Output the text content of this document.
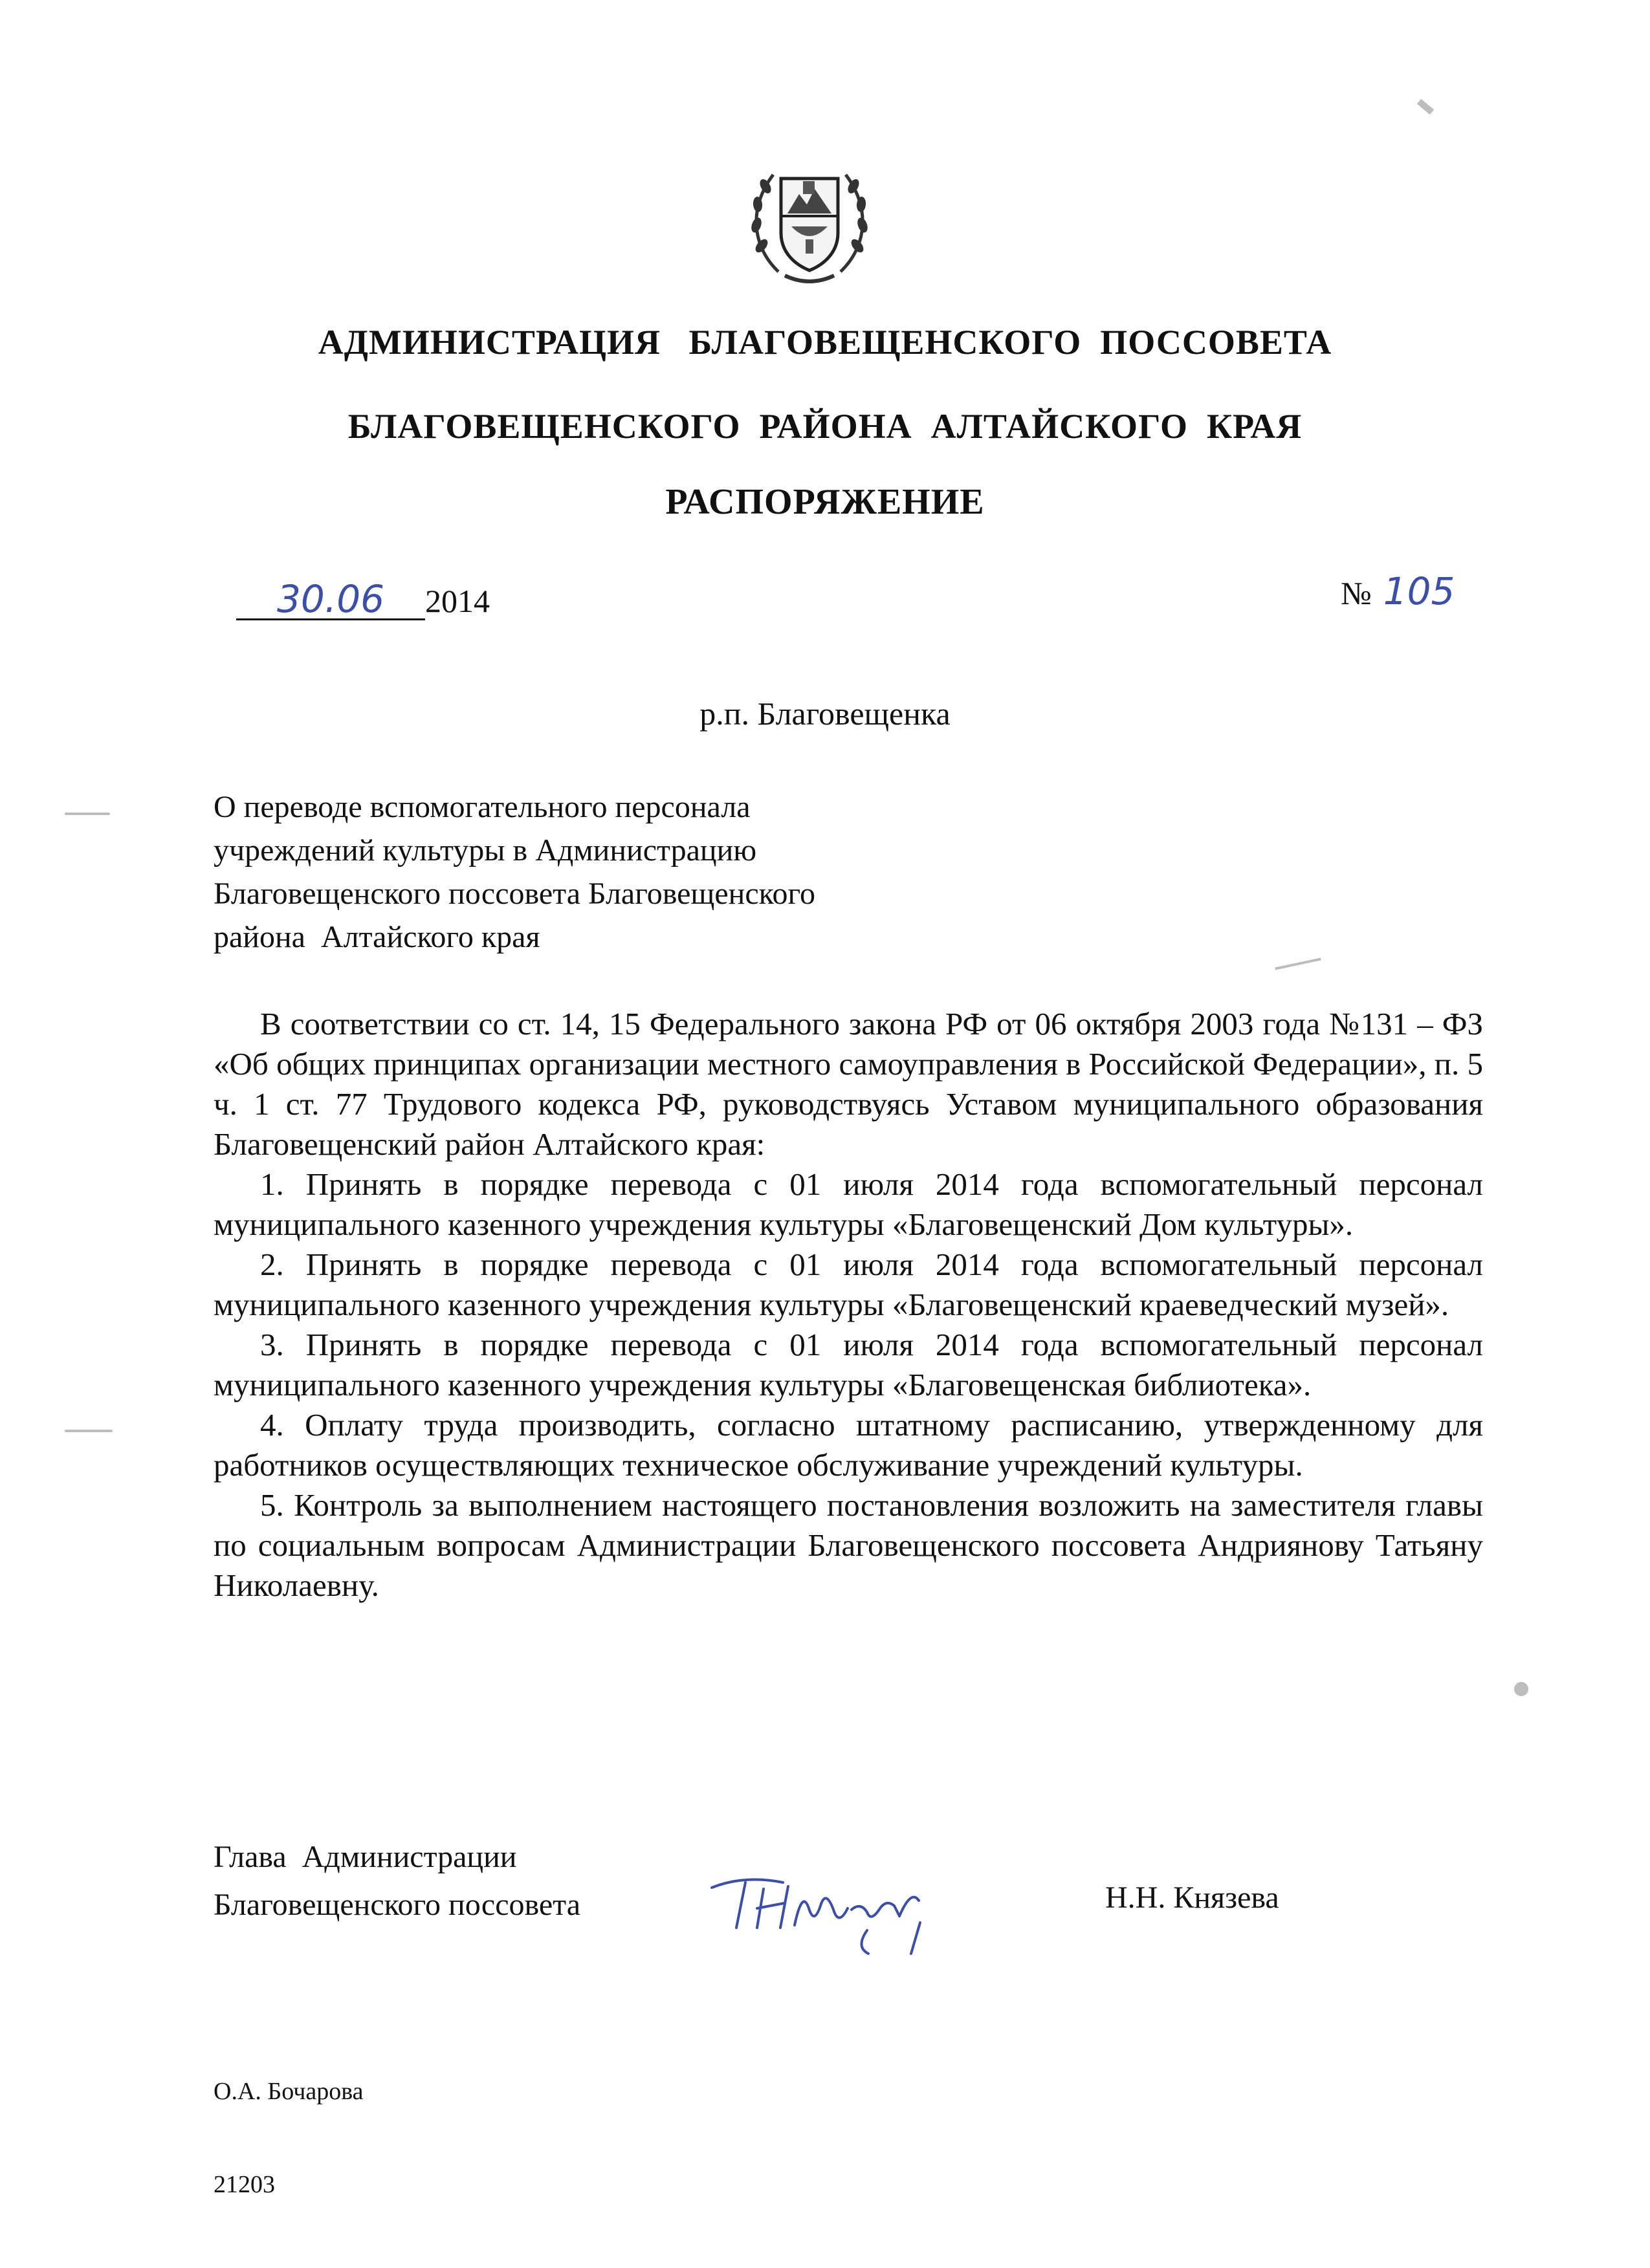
АДМИНИСТРАЦИЯ   БЛАГОВЕЩЕНСКОГО  ПОССОВЕТА
БЛАГОВЕЩЕНСКОГО  РАЙОНА  АЛТАЙСКОГО  КРАЯ
РАСПОРЯЖЕНИЕ
30.06 2014	№ 105
р.п. Благовещенка
О переводе вспомогательного персонала
учреждений культуры в Администрацию
Благовещенского поссовета Благовещенского
района  Алтайского края

В соответствии со ст. 14, 15 Федерального закона РФ от 06 октября 2003 года №131 – ФЗ «Об общих принципах организации местного самоуправления в Российской Федерации», п. 5 ч. 1 ст. 77 Трудового кодекса РФ, руководствуясь Уставом муниципального образования Благовещенский район Алтайского края:

1. Принять в порядке перевода с 01 июля 2014 года вспомогательный персонал муниципального казенного учреждения культуры «Благовещенский Дом культуры».

2. Принять в порядке перевода с 01 июля 2014 года вспомогательный персонал муниципального казенного учреждения культуры «Благовещенский краеведческий музей».

3. Принять в порядке перевода с 01 июля 2014 года вспомогательный персонал муниципального казенного учреждения культуры «Благовещенская библиотека».

4. Оплату труда производить, согласно штатному расписанию, утвержденному для работников осуществляющих техническое обслуживание учреждений культуры.

5. Контроль за выполнением настоящего постановления возложить на заместителя главы по социальным вопросам Администрации Благовещенского поссовета Андриянову Татьяну Николаевну.

Глава  Администрации
Благовещенского поссовета	Н.Н. Князева

О.А. Бочарова

21203
